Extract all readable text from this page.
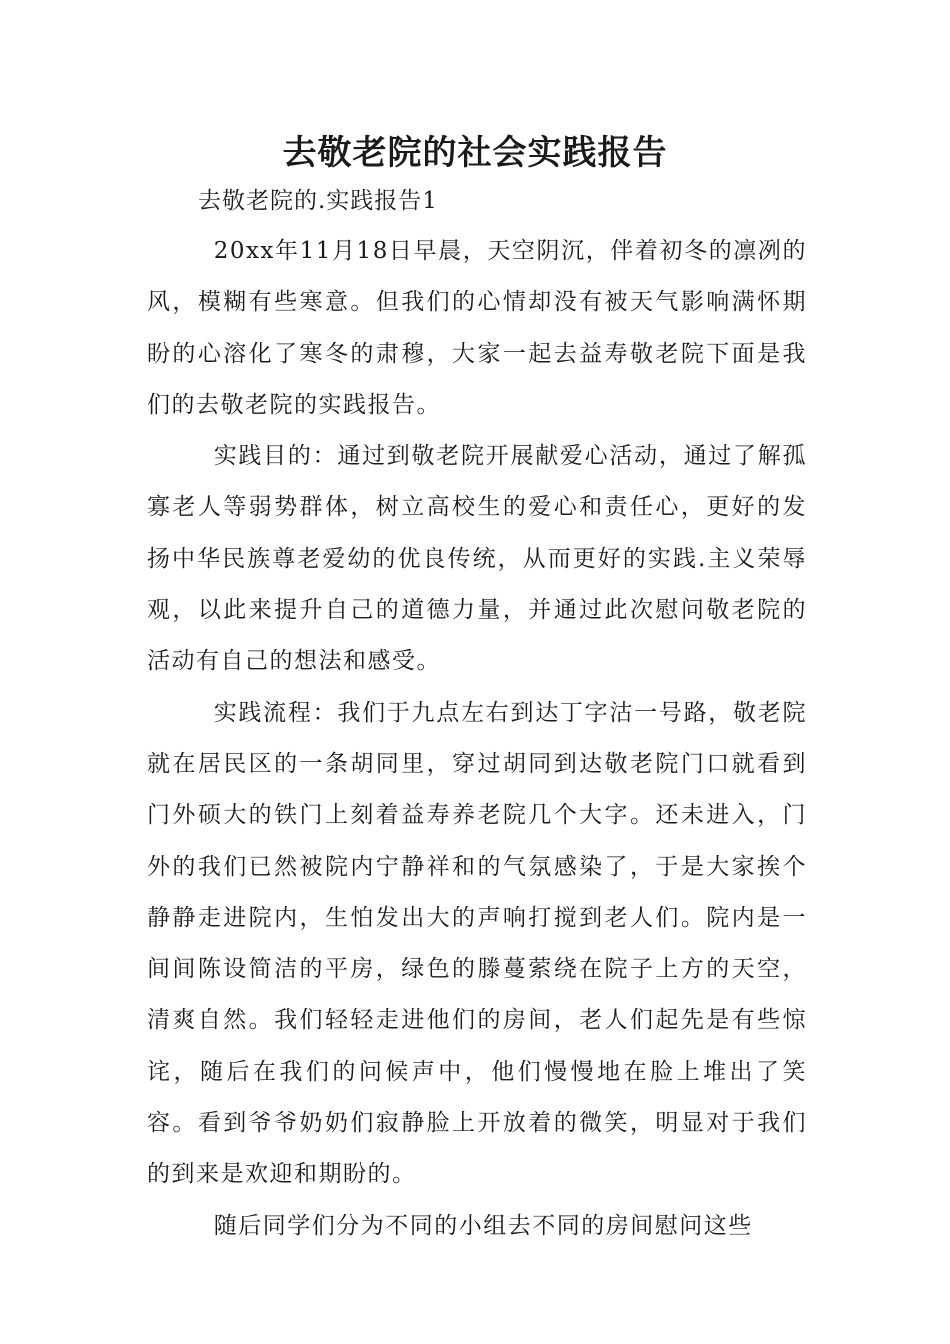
去敬老院的社会实践报告

去敬老院的.实践报告1

20xx年11月18日早晨，天空阴沉，伴着初冬的凛冽的风，模糊有些寒意。但我们的心情却没有被天气影响满怀期盼的心溶化了寒冬的肃穆，大家一起去益寿敬老院下面是我们的去敬老院的实践报告。

实践目的：通过到敬老院开展献爱心活动，通过了解孤寡老人等弱势群体，树立高校生的爱心和责任心，更好的发扬中华民族尊老爱幼的优良传统，从而更好的实践.主义荣辱观，以此来提升自己的道德力量，并通过此次慰问敬老院的活动有自己的想法和感受。

实践流程：我们于九点左右到达丁字沽一号路，敬老院就在居民区的一条胡同里，穿过胡同到达敬老院门口就看到门外硕大的铁门上刻着益寿养老院几个大字。还未进入，门外的我们已然被院内宁静祥和的气氛感染了，于是大家挨个静静走进院内，生怕发出大的声响打搅到老人们。院内是一间间陈设简洁的平房，绿色的滕蔓萦绕在院子上方的天空，清爽自然。我们轻轻走进他们的房间，老人们起先是有些惊诧，随后在我们的问候声中，他们慢慢地在脸上堆出了笑容。看到爷爷奶奶们寂静脸上开放着的微笑，明显对于我们的到来是欢迎和期盼的。

随后同学们分为不同的小组去不同的房间慰问这些
